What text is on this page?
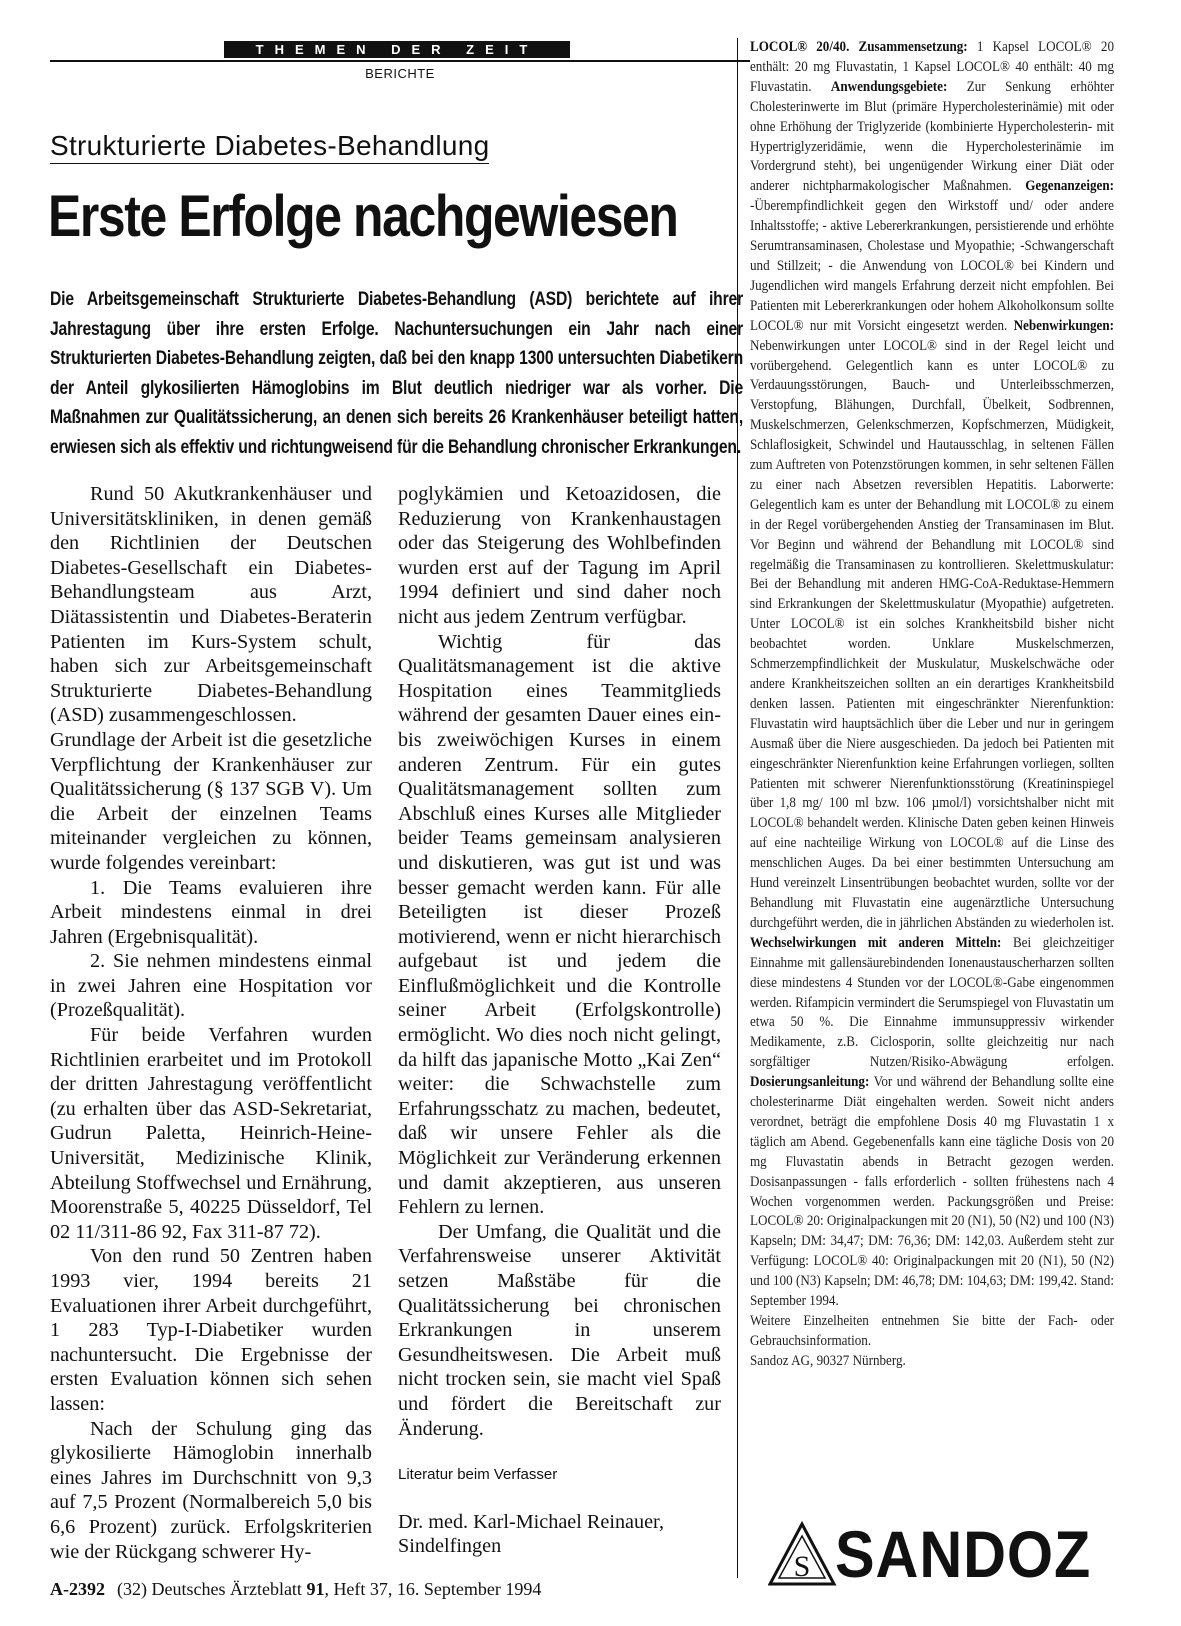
THEMEN DER ZEIT
BERICHTE
Strukturierte Diabetes-Behandlung
Erste Erfolge nachgewiesen
Die Arbeitsgemeinschaft Strukturierte Diabetes-Behandlung (ASD) berichtete auf ihrer Jahrestagung über ihre ersten Erfolge. Nachuntersuchungen ein Jahr nach einer Strukturierten Diabetes-Behandlung zeigten, daß bei den knapp 1300 untersuchten Diabetikern der Anteil glykosilierten Hämoglobins im Blut deutlich niedriger war als vorher. Die Maßnahmen zur Qualitätssicherung, an denen sich bereits 26 Krankenhäuser beteiligt hatten, erwiesen sich als effektiv und richtungweisend für die Behandlung chronischer Erkrankungen.

Rund 50 Akutkrankenhäuser und Universitätskliniken, in denen gemäß den Richtlinien der Deutschen Diabetes-Gesellschaft ein Diabetes-Behandlungsteam aus Arzt, Diätassistentin und Diabetes-Beraterin Patienten im Kurs-System schult, haben sich zur Arbeitsgemeinschaft Strukturierte Diabetes-Behandlung (ASD) zusammengeschlossen.

Grundlage der Arbeit ist die gesetzliche Verpflichtung der Krankenhäuser zur Qualitätssicherung (§ 137 SGB V). Um die Arbeit der einzelnen Teams miteinander vergleichen zu können, wurde folgendes vereinbart:

1. Die Teams evaluieren ihre Arbeit mindestens einmal in drei Jahren (Ergebnisqualität).

2. Sie nehmen mindestens einmal in zwei Jahren eine Hospitation vor (Prozeßqualität).

Für beide Verfahren wurden Richtlinien erarbeitet und im Protokoll der dritten Jahrestagung veröffentlicht (zu erhalten über das ASD-Sekretariat, Gudrun Paletta, Heinrich-Heine-Universität, Medizinische Klinik, Abteilung Stoffwechsel und Ernährung, Moorenstraße 5, 40225 Düsseldorf, Tel 02 11/311-86 92, Fax 311-87 72).

Von den rund 50 Zentren haben 1993 vier, 1994 bereits 21 Evaluationen ihrer Arbeit durchgeführt, 1 283 Typ-I-Diabetiker wurden nachuntersucht. Die Ergebnisse der ersten Evaluation können sich sehen lassen:

Nach der Schulung ging das glykosilierte Hämoglobin innerhalb eines Jahres im Durchschnitt von 9,3 auf 7,5 Prozent (Normalbereich 5,0 bis 6,6 Prozent) zurück. Erfolgskriterien wie der Rückgang schwerer Hy-

poglykämien und Ketoazidosen, die Reduzierung von Krankenhaustagen oder das Steigerung des Wohlbefinden wurden erst auf der Tagung im April 1994 definiert und sind daher noch nicht aus jedem Zentrum verfügbar.

Wichtig für das Qualitätsmanagement ist die aktive Hospitation eines Teammitglieds während der gesamten Dauer eines ein- bis zweiwöchigen Kurses in einem anderen Zentrum. Für ein gutes Qualitätsmanagement sollten zum Abschluß eines Kurses alle Mitglieder beider Teams gemeinsam analysieren und diskutieren, was gut ist und was besser gemacht werden kann. Für alle Beteiligten ist dieser Prozeß motivierend, wenn er nicht hierarchisch aufgebaut ist und jedem die Einflußmöglichkeit und die Kontrolle seiner Arbeit (Erfolgskontrolle) ermöglicht. Wo dies noch nicht gelingt, da hilft das japanische Motto „Kai Zen“ weiter: die Schwachstelle zum Erfahrungsschatz zu machen, bedeutet, daß wir unsere Fehler als die Möglichkeit zur Veränderung erkennen und damit akzeptieren, aus unseren Fehlern zu lernen.

Der Umfang, die Qualität und die Verfahrensweise unserer Aktivität setzen Maßstäbe für die Qualitätssicherung bei chronischen Erkrankungen in unserem Gesundheitswesen. Die Arbeit muß nicht trocken sein, sie macht viel Spaß und fördert die Bereitschaft zur Änderung.

Literatur beim Verfasser

Dr. med. Karl-Michael Reinauer,
Sindelfingen

LOCOL® 20/40. Zusammensetzung: 1 Kapsel LOCOL® 20 enthält: 20 mg Fluvastatin, 1 Kapsel LOCOL® 40 enthält: 40 mg Fluvastatin. Anwendungsgebiete: Zur Senkung erhöhter Cholesterinwerte im Blut (primäre Hypercholesterinämie) mit oder ohne Erhöhung der Triglyzeride (kombinierte Hypercholesterin- mit Hypertriglyzeridämie, wenn die Hypercholesterinämie im Vordergrund steht), bei ungenügender Wirkung einer Diät oder anderer nichtpharmakologischer Maßnahmen. Gegenanzeigen: -Überempfindlichkeit gegen den Wirkstoff und/ oder andere Inhaltsstoffe; - aktive Lebererkrankungen, persistierende und erhöhte Serumtransaminasen, Cholestase und Myopathie; -Schwangerschaft und Stillzeit; - die Anwendung von LOCOL® bei Kindern und Jugendlichen wird mangels Erfahrung derzeit nicht empfohlen. Bei Patienten mit Lebererkrankungen oder hohem Alkoholkonsum sollte LOCOL® nur mit Vorsicht eingesetzt werden. Nebenwirkungen: Nebenwirkungen unter LOCOL® sind in der Regel leicht und vorübergehend. Gelegentlich kann es unter LOCOL® zu Verdauungsstörungen, Bauch- und Unterleibsschmerzen, Verstopfung, Blähungen, Durchfall, Übelkeit, Sodbrennen, Muskelschmerzen, Gelenkschmerzen, Kopfschmerzen, Müdigkeit, Schlaflosigkeit, Schwindel und Hautausschlag, in seltenen Fällen zum Auftreten von Potenzstörungen kommen, in sehr seltenen Fällen zu einer nach Absetzen reversiblen Hepatitis. Laborwerte: Gelegentlich kam es unter der Behandlung mit LOCOL® zu einem in der Regel vorübergehenden Anstieg der Transaminasen im Blut. Vor Beginn und während der Behandlung mit LOCOL® sind regelmäßig die Transaminasen zu kontrollieren. Skelettmuskulatur: Bei der Behandlung mit anderen HMG-CoA-Reduktase-Hemmern sind Erkrankungen der Skelettmuskulatur (Myopathie) aufgetreten. Unter LOCOL® ist ein solches Krankheitsbild bisher nicht beobachtet worden. Unklare Muskelschmerzen, Schmerzempfindlichkeit der Muskulatur, Muskelschwäche oder andere Krankheitszeichen sollten an ein derartiges Krankheitsbild denken lassen. Patienten mit eingeschränkter Nierenfunktion: Fluvastatin wird hauptsächlich über die Leber und nur in geringem Ausmaß über die Niere ausgeschieden. Da jedoch bei Patienten mit eingeschränkter Nierenfunktion keine Erfahrungen vorliegen, sollten Patienten mit schwerer Nierenfunktionsstörung (Kreatininspiegel über 1,8 mg/ 100 ml bzw. 106 µmol/l) vorsichtshalber nicht mit LOCOL® behandelt werden. Klinische Daten geben keinen Hinweis auf eine nachteilige Wirkung von LOCOL® auf die Linse des menschlichen Auges. Da bei einer bestimmten Untersuchung am Hund vereinzelt Linsentrübungen beobachtet wurden, sollte vor der Behandlung mit Fluvastatin eine augenärztliche Untersuchung durchgeführt werden, die in jährlichen Abständen zu wiederholen ist. Wechselwirkungen mit anderen Mitteln: Bei gleichzeitiger Einnahme mit gallensäurebindenden Ionenaustauscherharzen sollten diese mindestens 4 Stunden vor der LOCOL®-Gabe eingenommen werden. Rifampicin vermindert die Serumspiegel von Fluvastatin um etwa 50 %. Die Einnahme immunsuppressiv wirkender Medikamente, z.B. Ciclosporin, sollte gleichzeitig nur nach sorgfältiger Nutzen/Risiko-Abwägung erfolgen. Dosierungsanleitung: Vor und während der Behandlung sollte eine cholesterinarme Diät eingehalten werden. Soweit nicht anders verordnet, beträgt die empfohlene Dosis 40 mg Fluvastatin 1 x täglich am Abend. Gegebenenfalls kann eine tägliche Dosis von 20 mg Fluvastatin abends in Betracht gezogen werden. Dosisanpassungen - falls erforderlich - sollten frühestens nach 4 Wochen vorgenommen werden. Packungsgrößen und Preise: LOCOL® 20: Originalpackungen mit 20 (N1), 50 (N2) und 100 (N3) Kapseln; DM: 34,47; DM: 76,36; DM: 142,03. Außerdem steht zur Verfügung: LOCOL® 40: Originalpackungen mit 20 (N1), 50 (N2) und 100 (N3) Kapseln; DM: 46,78; DM: 104,63; DM: 199,42. Stand: September 1994.

Weitere Einzelheiten entnehmen Sie bitte der Fach- oder Gebrauchsinformation.

Sandoz AG, 90327 Nürnberg.

S SANDOZ
A-2392 (32) Deutsches Ärzteblatt 91, Heft 37, 16. September 1994
